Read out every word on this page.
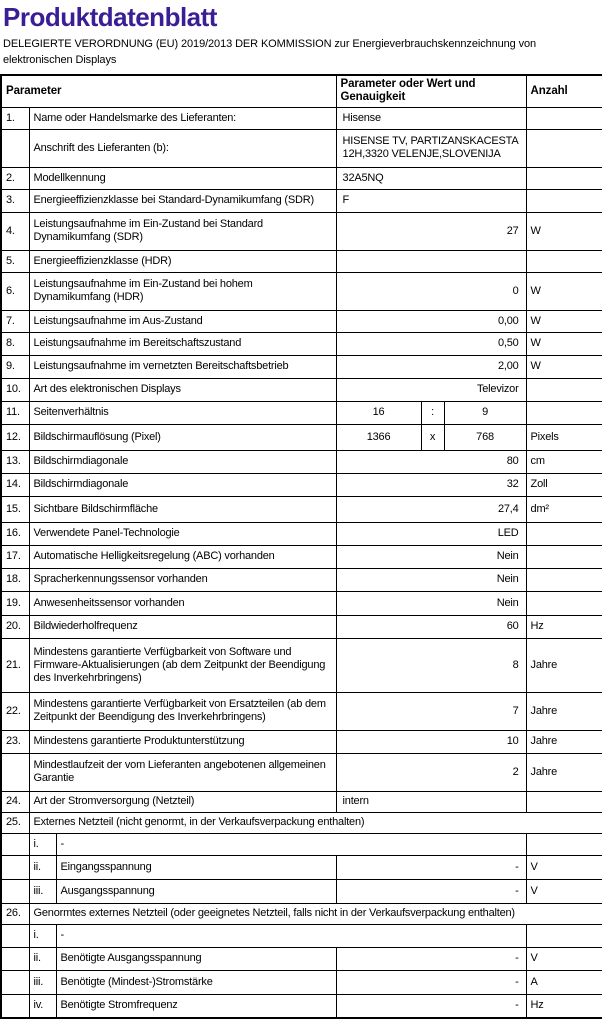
Produktdatenblatt

DELEGIERTE VERORDNUNG (EU) 2019/2013 DER KOMMISSION zur Energieverbrauchskennzeichnung von elektronischen Displays

Parameter			Parameter oder Wert und Genauigkeit			Anzahl
1.	Name oder Handelsmarke des Lieferanten:		Hisense			
	Anschrift des Lieferanten (b):		HISENSE TV, PARTIZANSKACESTA 12H,3320 VELENJE,SLOVENIJA			
2.	Modellkennung		32A5NQ			
3.	Energieeffizienzklasse bei Standard-Dynamikumfang (SDR)		F			
4.	Leistungsaufnahme im Ein-Zustand bei Standard Dynamikumfang (SDR)		27			W
5.	Energieeffizienzklasse (HDR)					
6.	Leistungsaufnahme im Ein-Zustand bei hohem Dynamikumfang (HDR)		0			W
7.	Leistungsaufnahme im Aus-Zustand		0,00			W
8.	Leistungsaufnahme im Bereitschaftszustand		0,50			W
9.	Leistungsaufnahme im vernetzten Bereitschaftsbetrieb		2,00			W
10.	Art des elektronischen Displays		Televizor			
11.	Seitenverhältnis		16	:	9	
12.	Bildschirmauflösung (Pixel)		1366	x	768	Pixels
13.	Bildschirmdiagonale		80			cm
14.	Bildschirmdiagonale		32			Zoll
15.	Sichtbare Bildschirmfläche		27,4			dm²
16.	Verwendete Panel-Technologie		LED			
17.	Automatische Helligkeitsregelung (ABC) vorhanden		Nein			
18.	Spracherkennungssensor vorhanden		Nein			
19.	Anwesenheitssensor vorhanden		Nein			
20.	Bildwiederholfrequenz		60			Hz
21.	Mindestens garantierte Verfügbarkeit von Software und Firmware-Aktualisierungen (ab dem Zeitpunkt der Beendigung des Inverkehrbringens)		8			Jahre
22.	Mindestens garantierte Verfügbarkeit von Ersatzteilen (ab dem Zeitpunkt der Beendigung des Inverkehrbringens)		7			Jahre
23.	Mindestens garantierte Produktunterstützung		10			Jahre
	Mindestlaufzeit der vom Lieferanten angebotenen allgemeinen Garantie		2			Jahre
24.	Art der Stromversorgung (Netzteil)		intern			
25.	Externes Netzteil (nicht genormt, in der Verkaufsverpackung enthalten)					
	i.	-				
	ii.	Eingangsspannung	-			V
	iii.	Ausgangsspannung	-			V
26.	Genormtes externes Netzteil (oder geeignetes Netzteil, falls nicht in der Verkaufsverpackung enthalten)					
	i.	-				
	ii.	Benötigte Ausgangsspannung	-			V
	iii.	Benötigte (Mindest-)Stromstärke	-			A
	iv.	Benötigte Stromfrequenz	-			Hz
